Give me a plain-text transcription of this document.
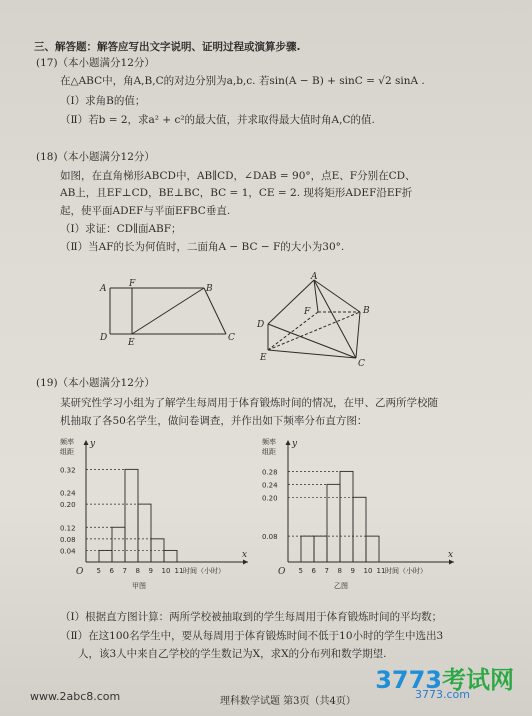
三、解答题：解答应写出文字说明、证明过程或演算步骤.
(17)（本小题满分12分）
在△ABC中，角A,B,C的对边分别为a,b,c. 若sin(A − B) + sinC = √2 sinA .
（Ⅰ）求角B的值；
（Ⅱ）若b = 2，求a² + c²的最大值，并求取得最大值时角A,C的值.
(18)（本小题满分12分）
如图，在直角梯形ABCD中，AB∥CD，∠DAB = 90°，点E、F分别在CD、
AB上，且EF⊥CD，BE⊥BC，BC = 1，CE = 2. 现将矩形ADEF沿EF折
起，使平面ADEF与平面EFBC垂直.
（Ⅰ）求证：CD∥面ABF；
（Ⅱ）当AF的长为何值时，二面角A − BC − F的大小为30°.
A	F	B
D E	C
A
F	B
D
E
C
(19)（本小题满分12分）
某研究性学习小组为了解学生每周用于体育锻炼时间的情况，在甲、乙两所学校随
机抽取了各50名学生，做问卷调查，并作出如下频率分布直方图：
频率
组距
y
x
O
0.32
0.24
0.20
0.12
0.08
0.04
5 6 7 8 9 10 11 时间（小时）
甲图
频率
组距
y
x
O
0.28
0.24
0.20
0.08
5 6 7 8 9 10 11 时间（小时）
乙图
（Ⅰ）根据直方图计算：两所学校被抽取到的学生每周用于体育锻炼时间的平均数；
（Ⅱ）在这100名学生中，要从每周用于体育锻炼时间不低于10小时的学生中选出3
人，该3人中来自乙学校的学生数记为X，求X的分布列和数学期望.
理科数学试题 第3页（共4页）
www.2abc8.com
3773考试网
3773.com
